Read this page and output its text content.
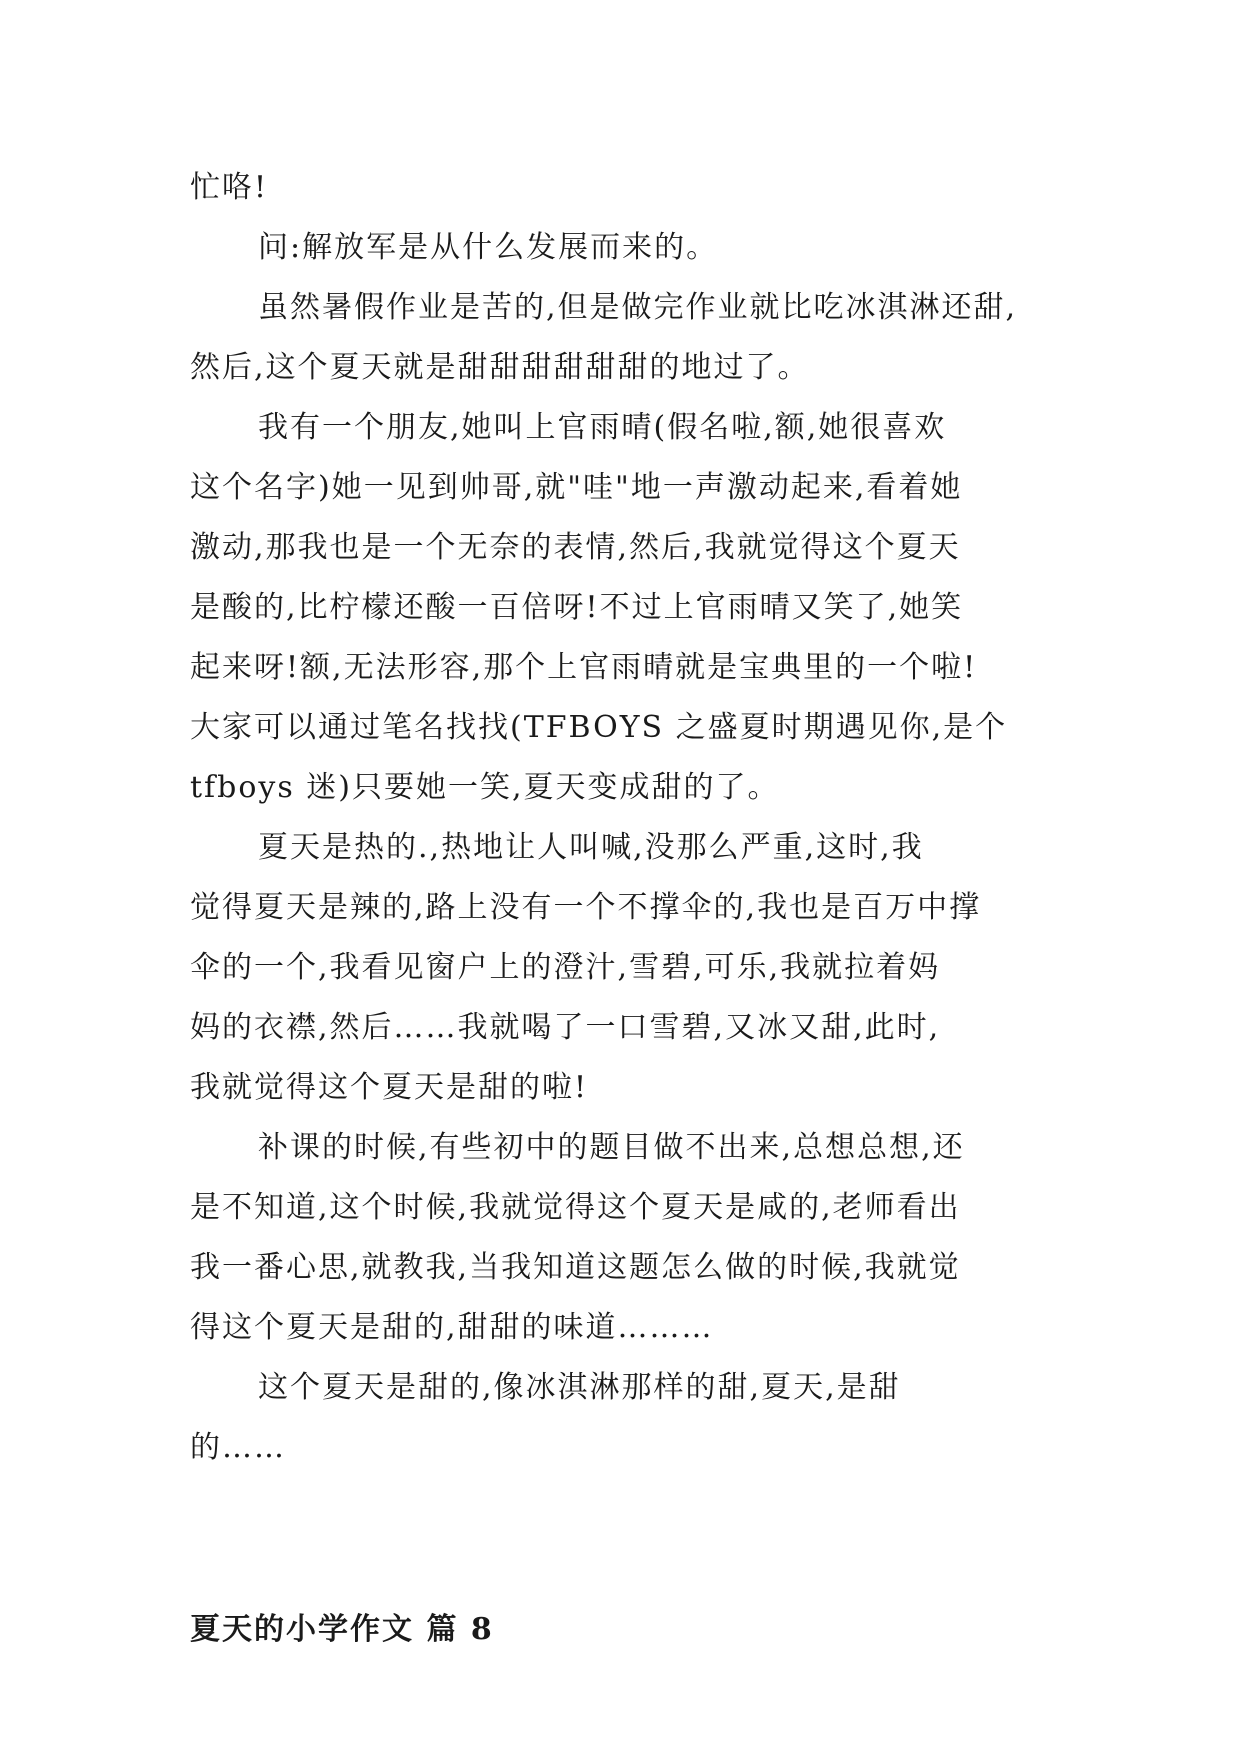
忙咯!

问:解放军是从什么发展而来的。

虽然暑假作业是苦的,但是做完作业就比吃冰淇淋还甜,
然后,这个夏天就是甜甜甜甜甜甜的地过了。

我有一个朋友,她叫上官雨晴(假名啦,额,她很喜欢
这个名字)她一见到帅哥,就"哇"地一声激动起来,看着她
激动,那我也是一个无奈的表情,然后,我就觉得这个夏天
是酸的,比柠檬还酸一百倍呀!不过上官雨晴又笑了,她笑
起来呀!额,无法形容,那个上官雨晴就是宝典里的一个啦!
大家可以通过笔名找找(TFBOYS 之盛夏时期遇见你,是个
tfboys 迷)只要她一笑,夏天变成甜的了。

夏天是热的.,热地让人叫喊,没那么严重,这时,我
觉得夏天是辣的,路上没有一个不撑伞的,我也是百万中撑
伞的一个,我看见窗户上的澄汁,雪碧,可乐,我就拉着妈
妈的衣襟,然后……我就喝了一口雪碧,又冰又甜,此时,
我就觉得这个夏天是甜的啦!

补课的时候,有些初中的题目做不出来,总想总想,还
是不知道,这个时候,我就觉得这个夏天是咸的,老师看出
我一番心思,就教我,当我知道这题怎么做的时候,我就觉
得这个夏天是甜的,甜甜的味道………

这个夏天是甜的,像冰淇淋那样的甜,夏天,是甜
的……

夏天的小学作文 篇 8
